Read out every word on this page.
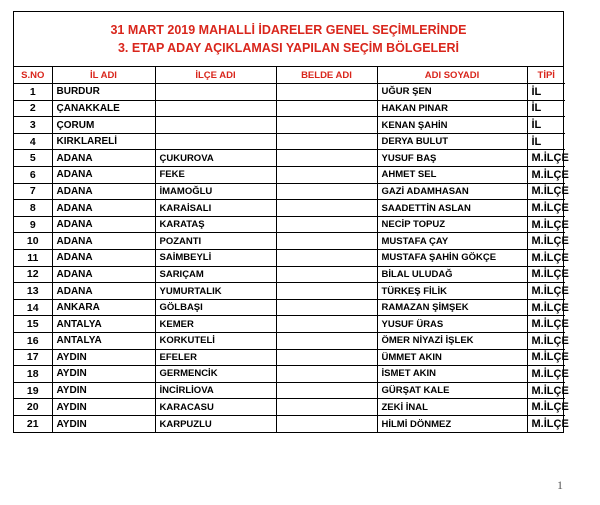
31 MART 2019 MAHALLİ İDARELER GENEL SEÇİMLERİNDE
3. ETAP ADAY AÇIKLAMASI YAPILAN SEÇİM BÖLGELERİ
S.NO	İL ADI	İLÇE ADI	BELDE ADI	ADI SOYADI	TİPİ
1	BURDUR			UĞUR ŞEN	İL
2	ÇANAKKALE			HAKAN PINAR	İL
3	ÇORUM			KENAN ŞAHİN	İL
4	KIRKLARELİ			DERYA BULUT	İL
5	ADANA	ÇUKUROVA		YUSUF BAŞ	M.İLÇE
6	ADANA	FEKE		AHMET SEL	M.İLÇE
7	ADANA	İMAMOĞLU		GAZİ ADAMHASAN	M.İLÇE
8	ADANA	KARAİSALI		SAADETTİN ASLAN	M.İLÇE
9	ADANA	KARATAŞ		NECİP TOPUZ	M.İLÇE
10	ADANA	POZANTI		MUSTAFA ÇAY	M.İLÇE
11	ADANA	SAİMBEYLİ		MUSTAFA ŞAHİN GÖKÇE	M.İLÇE
12	ADANA	SARIÇAM		BİLAL ULUDAĞ	M.İLÇE
13	ADANA	YUMURTALIK		TÜRKEŞ FİLİK	M.İLÇE
14	ANKARA	GÖLBAŞI		RAMAZAN ŞİMŞEK	M.İLÇE
15	ANTALYA	KEMER		YUSUF ÜRAS	M.İLÇE
16	ANTALYA	KORKUTELİ		ÖMER NİYAZİ İŞLEK	M.İLÇE
17	AYDIN	EFELER		ÜMMET AKIN	M.İLÇE
18	AYDIN	GERMENCİK		İSMET AKIN	M.İLÇE
19	AYDIN	İNCİRLİOVA		GÜRŞAT KALE	M.İLÇE
20	AYDIN	KARACASU		ZEKİ İNAL	M.İLÇE
21	AYDIN	KARPUZLU		HİLMİ DÖNMEZ	M.İLÇE
1
